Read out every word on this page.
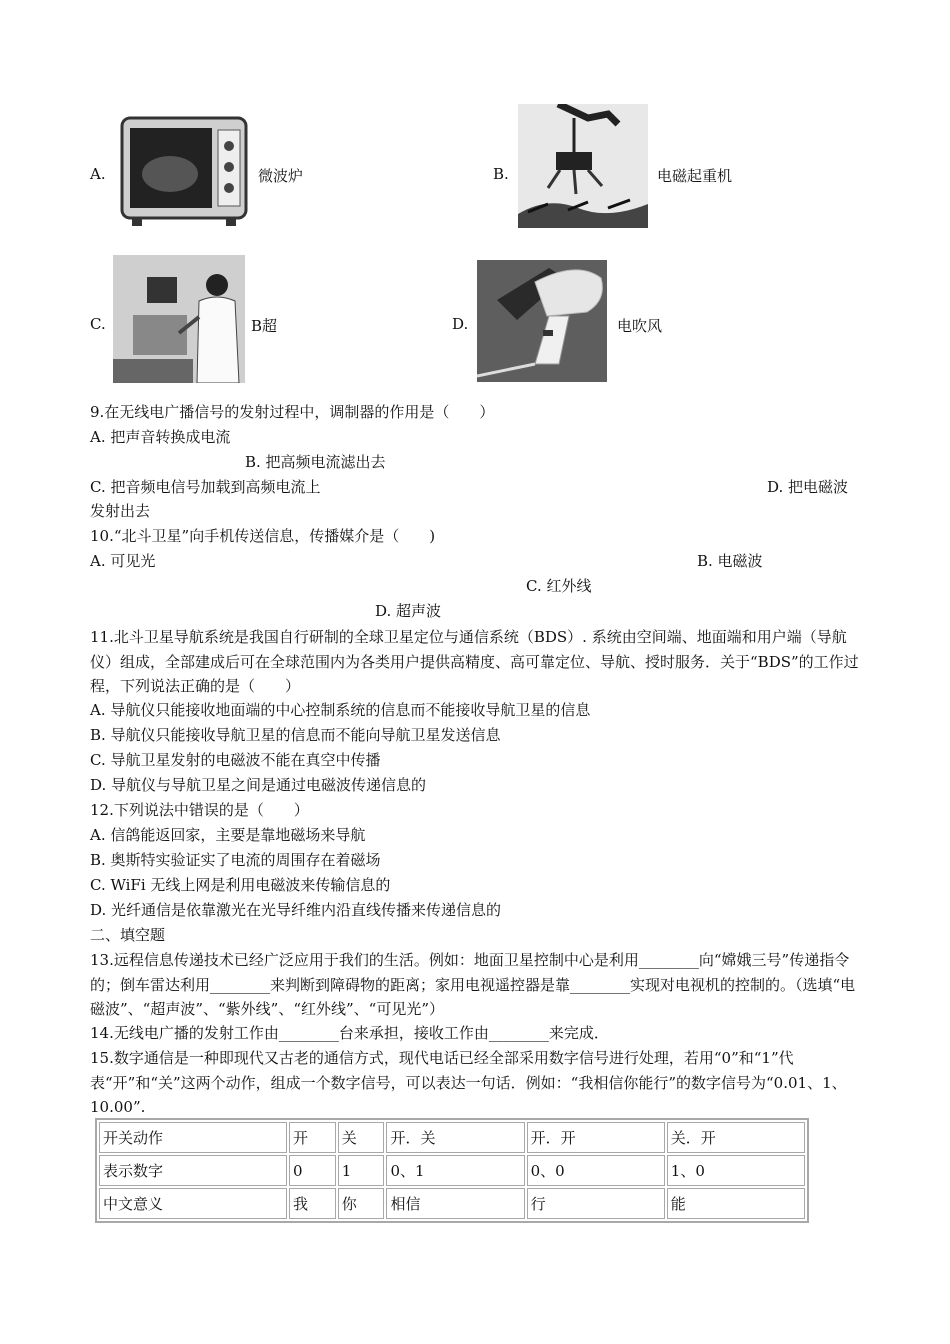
A.	微波炉	B.	电磁起重机
C.	B超	D.	电吹风
9.在无线电广播信号的发射过程中，调制器的作用是（　　）
A. 把声音转换成电流
B. 把高频电流滤出去
C. 把音频电信号加载到高频电流上	D. 把电磁波
发射出去
10.“北斗卫星”向手机传送信息，传播媒介是（　　)
A. 可见光	B. 电磁波
C. 红外线
D. 超声波
11.北斗卫星导航系统是我国自行研制的全球卫星定位与通信系统（BDS）. 系统由空间端、地面端和用户端（导航仪）组成，全部建成后可在全球范围内为各类用户提供高精度、高可靠定位、导航、授时服务．关于“BDS”的工作过程，下列说法正确的是（　　）
A. 导航仪只能接收地面端的中心控制系统的信息而不能接收导航卫星的信息
B. 导航仪只能接收导航卫星的信息而不能向导航卫星发送信息
C. 导航卫星发射的电磁波不能在真空中传播
D. 导航仪与导航卫星之间是通过电磁波传递信息的
12.下列说法中错误的是（　　）
A. 信鸽能返回家，主要是靠地磁场来导航
B. 奥斯特实验证实了电流的周围存在着磁场
C. WiFi 无线上网是利用电磁波来传输信息的
D. 光纤通信是依靠激光在光导纤维内沿直线传播来传递信息的
二、填空题
13.远程信息传递技术已经广泛应用于我们的生活。例如：地面卫星控制中心是利用________向“嫦娥三号”传递指令的；倒车雷达利用________来判断到障碍物的距离；家用电视遥控器是靠________实现对电视机的控制的。（选填“电磁波”、“超声波”、“紫外线”、“红外线”、“可见光”）
14.无线电广播的发射工作由________台来承担，接收工作由________来完成．
15.数字通信是一种即现代又古老的通信方式，现代电话已经全部采用数字信号进行处理，若用“0”和“1”代表“开”和“关”这两个动作，组成一个数字信号，可以表达一句话．例如：“我相信你能行”的数字信号为“0.01、1、10.00”.
开关动作	开	关	开．关	开．开	关．开
表示数字	0	1	0、1	0、0	1、0
中文意义	我	你	相信	行	能
